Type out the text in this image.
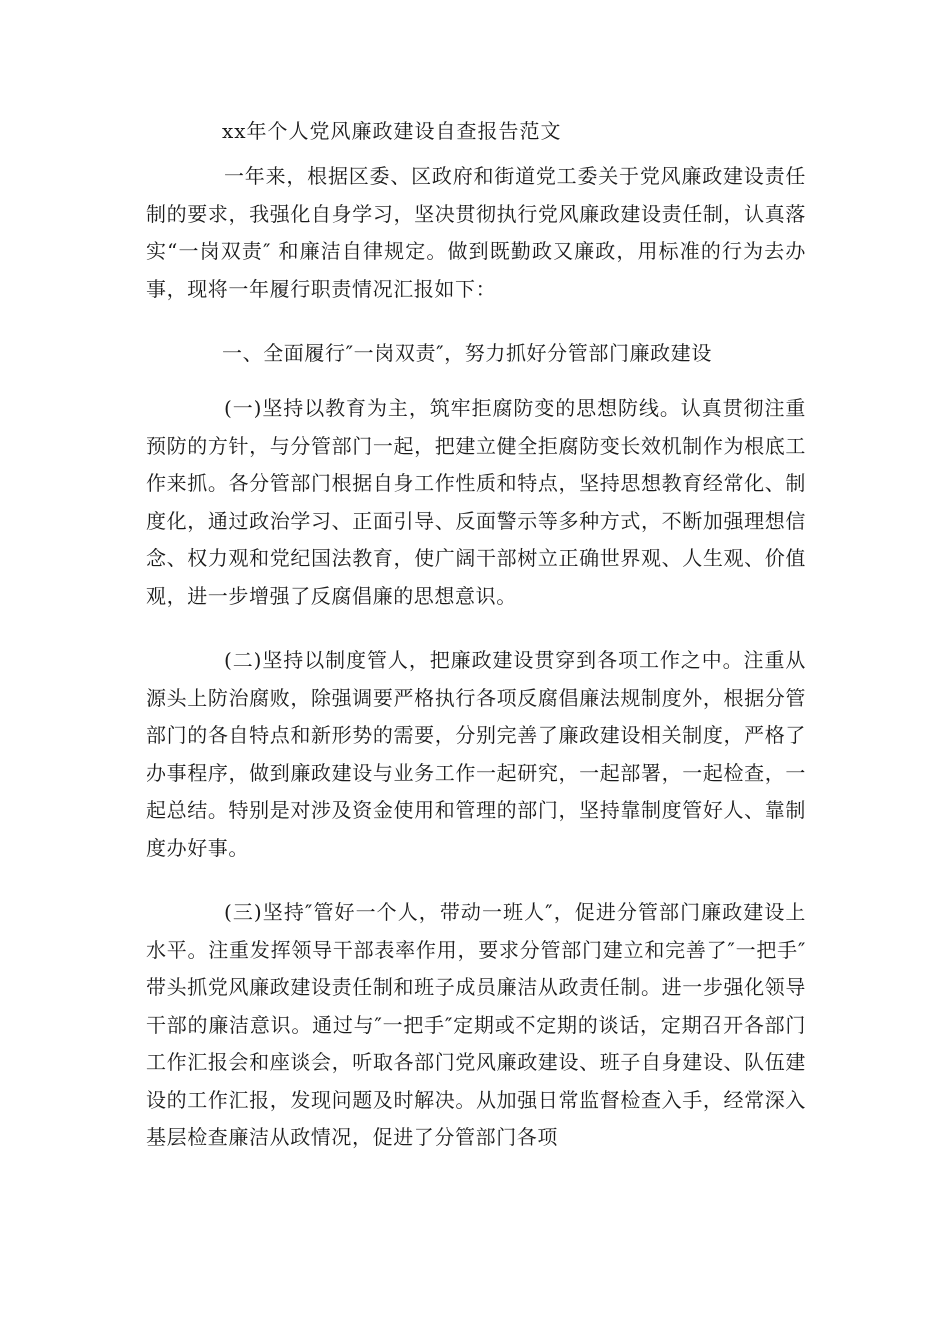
xx年个人党风廉政建设自查报告范文

一年来，根据区委、区政府和街道党工委关于党风廉政建设责任制的要求，我强化自身学习，坚决贯彻执行党风廉政建设责任制，认真落实“一岗双责″ 和廉洁自律规定。做到既勤政又廉政，用标准的行为去办事，现将一年履行职责情况汇报如下：

一、全面履行″一岗双责″，努力抓好分管部门廉政建设

(一)坚持以教育为主，筑牢拒腐防变的思想防线。认真贯彻注重预防的方针，与分管部门一起，把建立健全拒腐防变长效机制作为根底工作来抓。各分管部门根据自身工作性质和特点，坚持思想教育经常化、制度化，通过政治学习、正面引导、反面警示等多种方式，不断加强理想信念、权力观和党纪国法教育，使广阔干部树立正确世界观、人生观、价值观，进一步增强了反腐倡廉的思想意识。

(二)坚持以制度管人，把廉政建设贯穿到各项工作之中。注重从源头上防治腐败，除强调要严格执行各项反腐倡廉法规制度外，根据分管部门的各自特点和新形势的需要，分别完善了廉政建设相关制度，严格了办事程序，做到廉政建设与业务工作一起研究，一起部署，一起检查，一起总结。特别是对涉及资金使用和管理的部门，坚持靠制度管好人、靠制度办好事。

(三)坚持″管好一个人，带动一班人″，促进分管部门廉政建设上水平。注重发挥领导干部表率作用，要求分管部门建立和完善了″一把手″带头抓党风廉政建设责任制和班子成员廉洁从政责任制。进一步强化领导干部的廉洁意识。通过与″一把手″定期或不定期的谈话，定期召开各部门工作汇报会和座谈会，听取各部门党风廉政建设、班子自身建设、队伍建设的工作汇报，发现问题及时解决。从加强日常监督检查入手，经常深入基层检查廉洁从政情况，促进了分管部门各项
